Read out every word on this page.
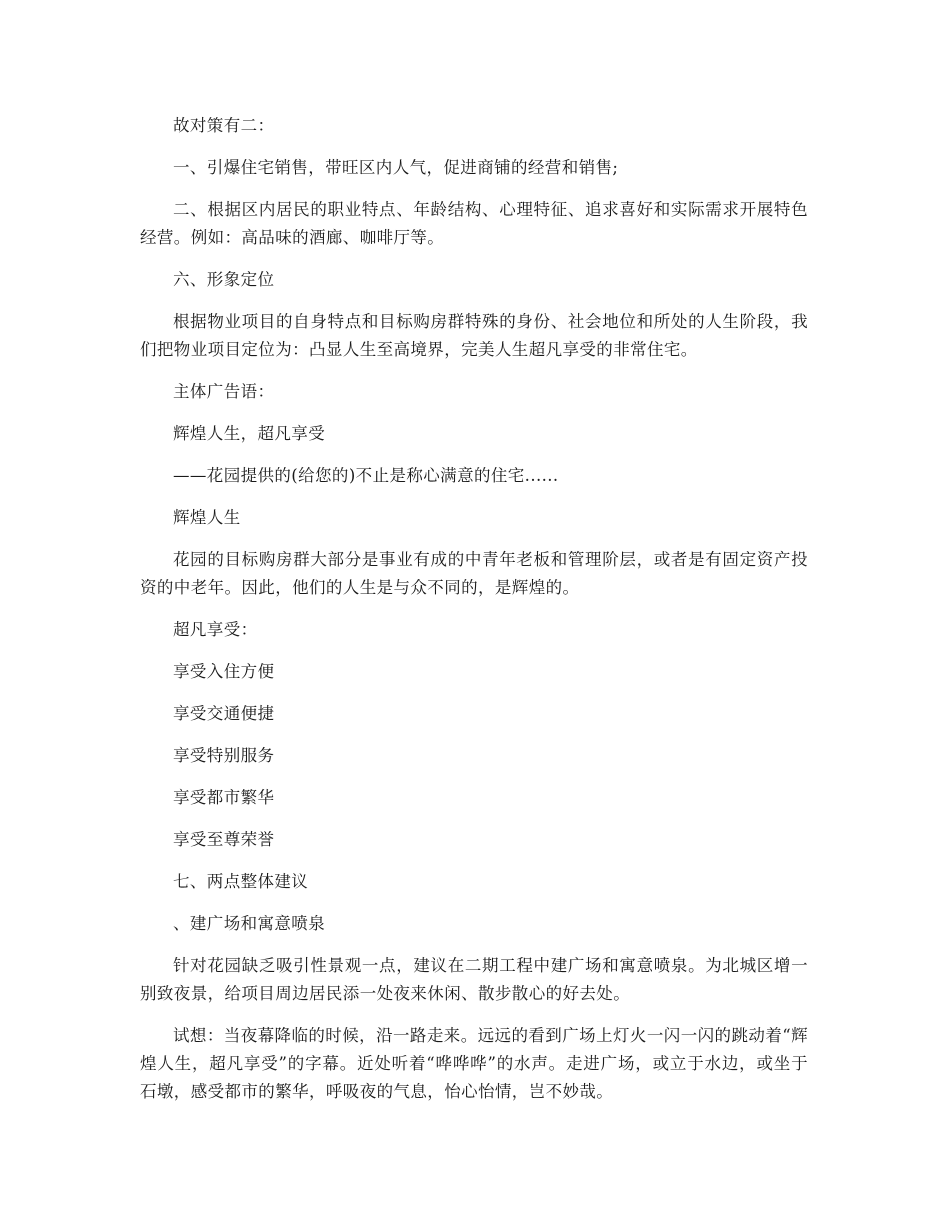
故对策有二：

一、引爆住宅销售，带旺区内人气，促进商铺的经营和销售;

二、根据区内居民的职业特点、年龄结构、心理特征、追求喜好和实际需求开展特色经营。例如：高品味的酒廊、咖啡厅等。

六、形象定位

根据物业项目的自身特点和目标购房群特殊的身份、社会地位和所处的人生阶段，我们把物业项目定位为：凸显人生至高境界，完美人生超凡享受的非常住宅。

主体广告语：

辉煌人生，超凡享受

——花园提供的(给您的)不止是称心满意的住宅......

辉煌人生

花园的目标购房群大部分是事业有成的中青年老板和管理阶层，或者是有固定资产投资的中老年。因此，他们的人生是与众不同的，是辉煌的。

超凡享受：

享受入住方便

享受交通便捷

享受特别服务

享受都市繁华

享受至尊荣誉

七、两点整体建议

、建广场和寓意喷泉

针对花园缺乏吸引性景观一点，建议在二期工程中建广场和寓意喷泉。为北城区增一别致夜景，给项目周边居民添一处夜来休闲、散步散心的好去处。

试想：当夜幕降临的时候，沿一路走来。远远的看到广场上灯火一闪一闪的跳动着“辉煌人生，超凡享受”的字幕。近处听着“哗哗哗”的水声。走进广场，或立于水边，或坐于石墩，感受都市的繁华，呼吸夜的气息，怡心怡情，岂不妙哉。
